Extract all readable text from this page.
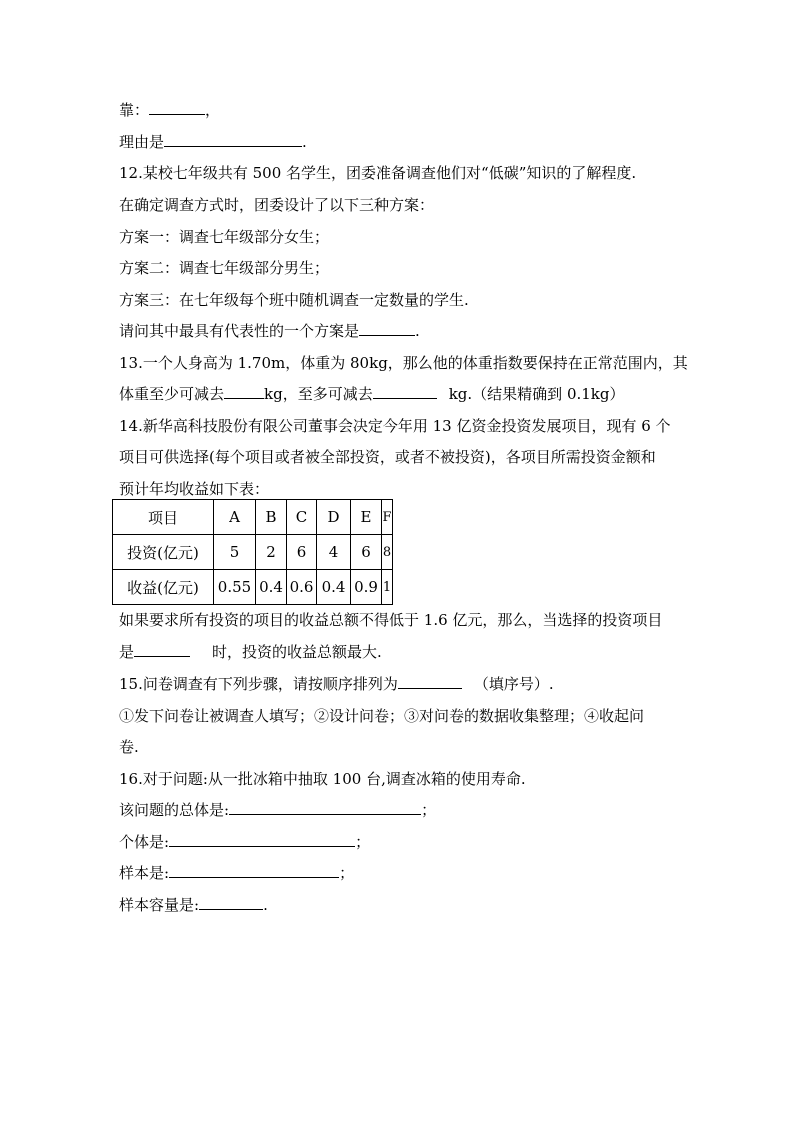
靠：	，
理由是	.
12.某校七年级共有 500 名学生，团委准备调查他们对“低碳”知识的了解程度.
在确定调查方式时，团委设计了以下三种方案：
方案一：调查七年级部分女生；
方案二：调查七年级部分男生；
方案三：在七年级每个班中随机调查一定数量的学生.
请问其中最具有代表性的一个方案是	.
13.一个人身高为 1.70m，体重为 80kg，那么他的体重指数要保持在正常范围内，其
体重至少可减去	kg，至多可减去	kg.（结果精确到 0.1kg）
14.新华高科技股份有限公司董事会决定今年用 13 亿资金投资发展项目，现有 6 个
项目可供选择(每个项目或者被全部投资，或者不被投资)，各项目所需投资金额和
预计年均收益如下表：
项目	A	B	C	D	E	F
投资(亿元)	5	2	6	4	6	8
收益(亿元)	0.55	0.4	0.6	0.4	0.9	1
如果要求所有投资的项目的收益总额不得低于 1.6 亿元，那么，当选择的投资项目
是	时，投资的收益总额最大.
15.问卷调查有下列步骤，请按顺序排列为	（填序号）.
①发下问卷让被调查人填写；②设计问卷；③对问卷的数据收集整理；④收起问
卷.
16.对于问题:从一批冰箱中抽取 100 台,调查冰箱的使用寿命.
该问题的总体是:	；
个体是:	；
样本是:	；
样本容量是:	.
